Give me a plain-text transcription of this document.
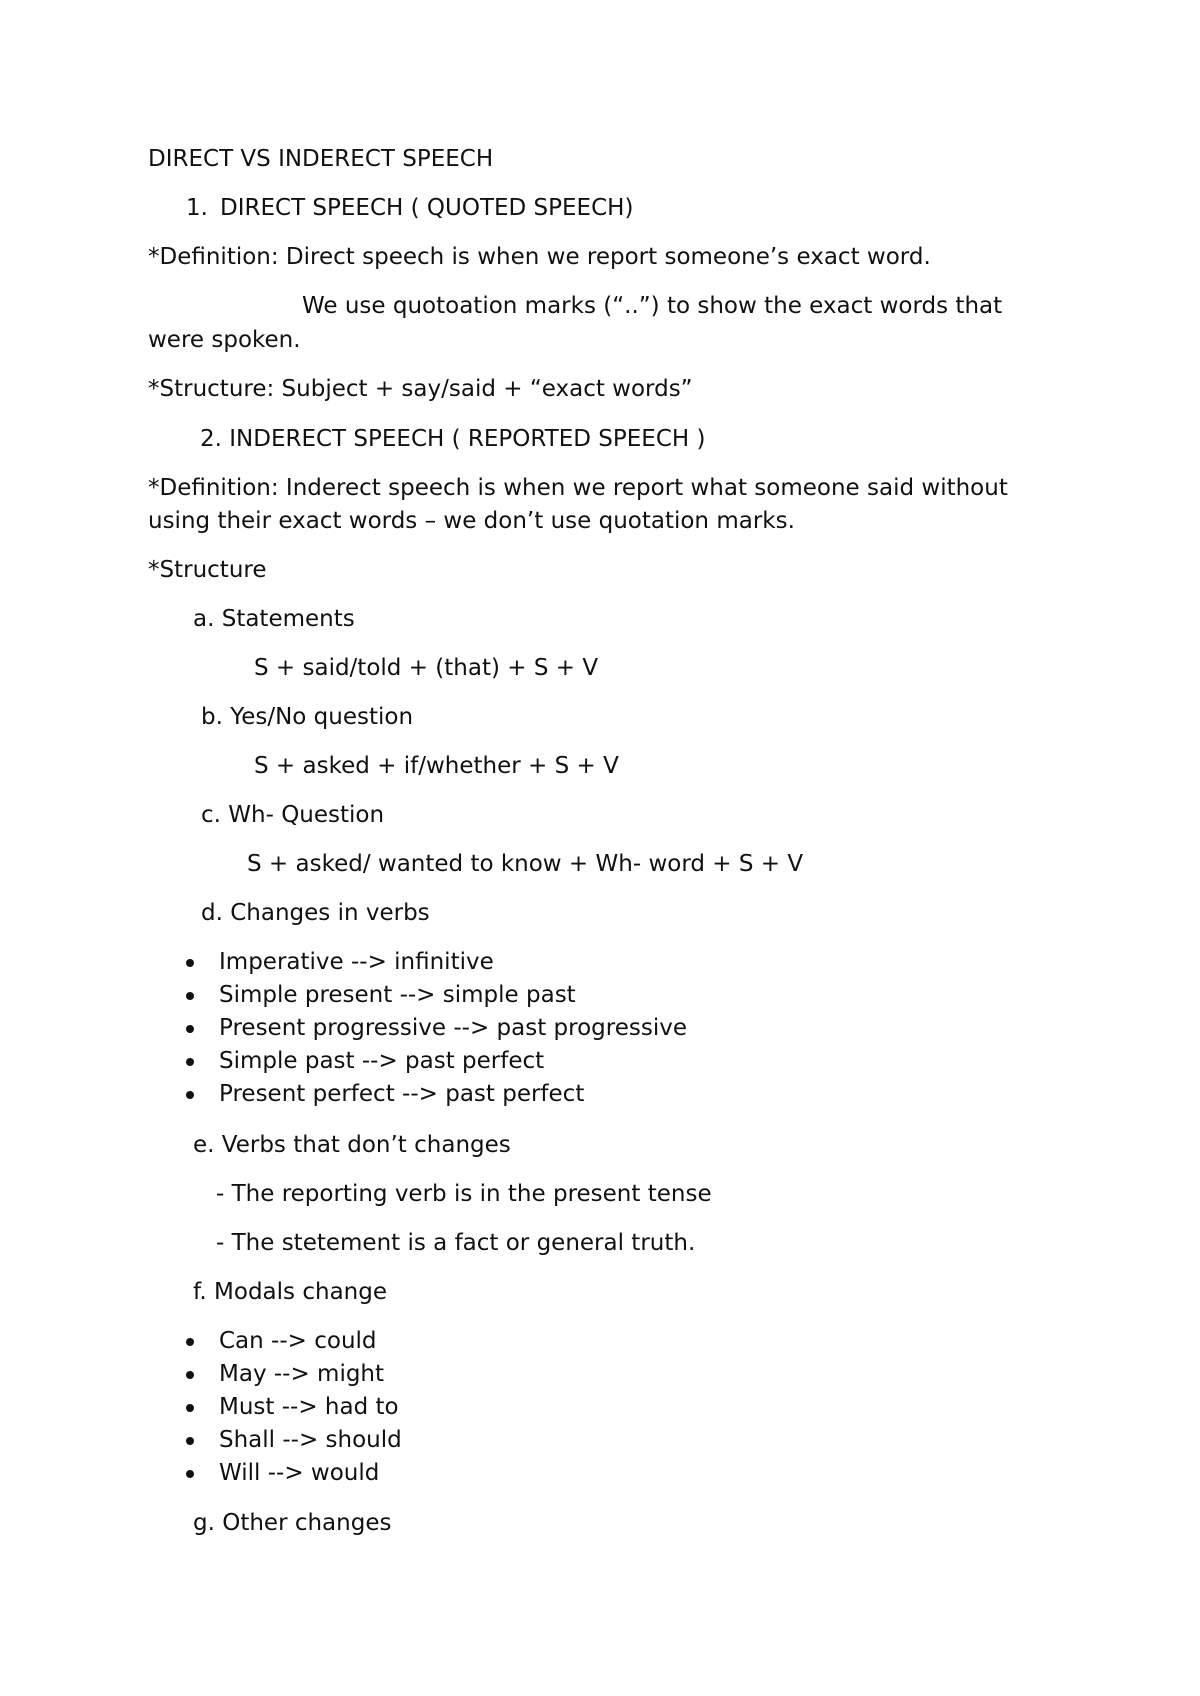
DIRECT VS INDERECT SPEECH
1. DIRECT SPEECH ( QUOTED SPEECH)
*Definition: Direct speech is when we report someone’s exact word.
We use quotoation marks (“..”) to show the exact words that
were spoken.
*Structure: Subject + say/said + “exact words”
2. INDERECT SPEECH ( REPORTED SPEECH )
*Definition: Inderect speech is when we report what someone said without
using their exact words – we don’t use quotation marks.
*Structure
a. Statements
S + said/told + (that) + S + V
b. Yes/No question
S + asked + if/whether + S + V
c. Wh- Question
S + asked/ wanted to know + Wh- word + S + V
d. Changes in verbs
Imperative --> infinitive
Simple present --> simple past
Present progressive --> past progressive
Simple past --> past perfect
Present perfect --> past perfect
e. Verbs that don’t changes
- The reporting verb is in the present tense
- The stetement is a fact or general truth.
f. Modals change
Can --> could
May --> might
Must --> had to
Shall --> should
Will --> would
g. Other changes
